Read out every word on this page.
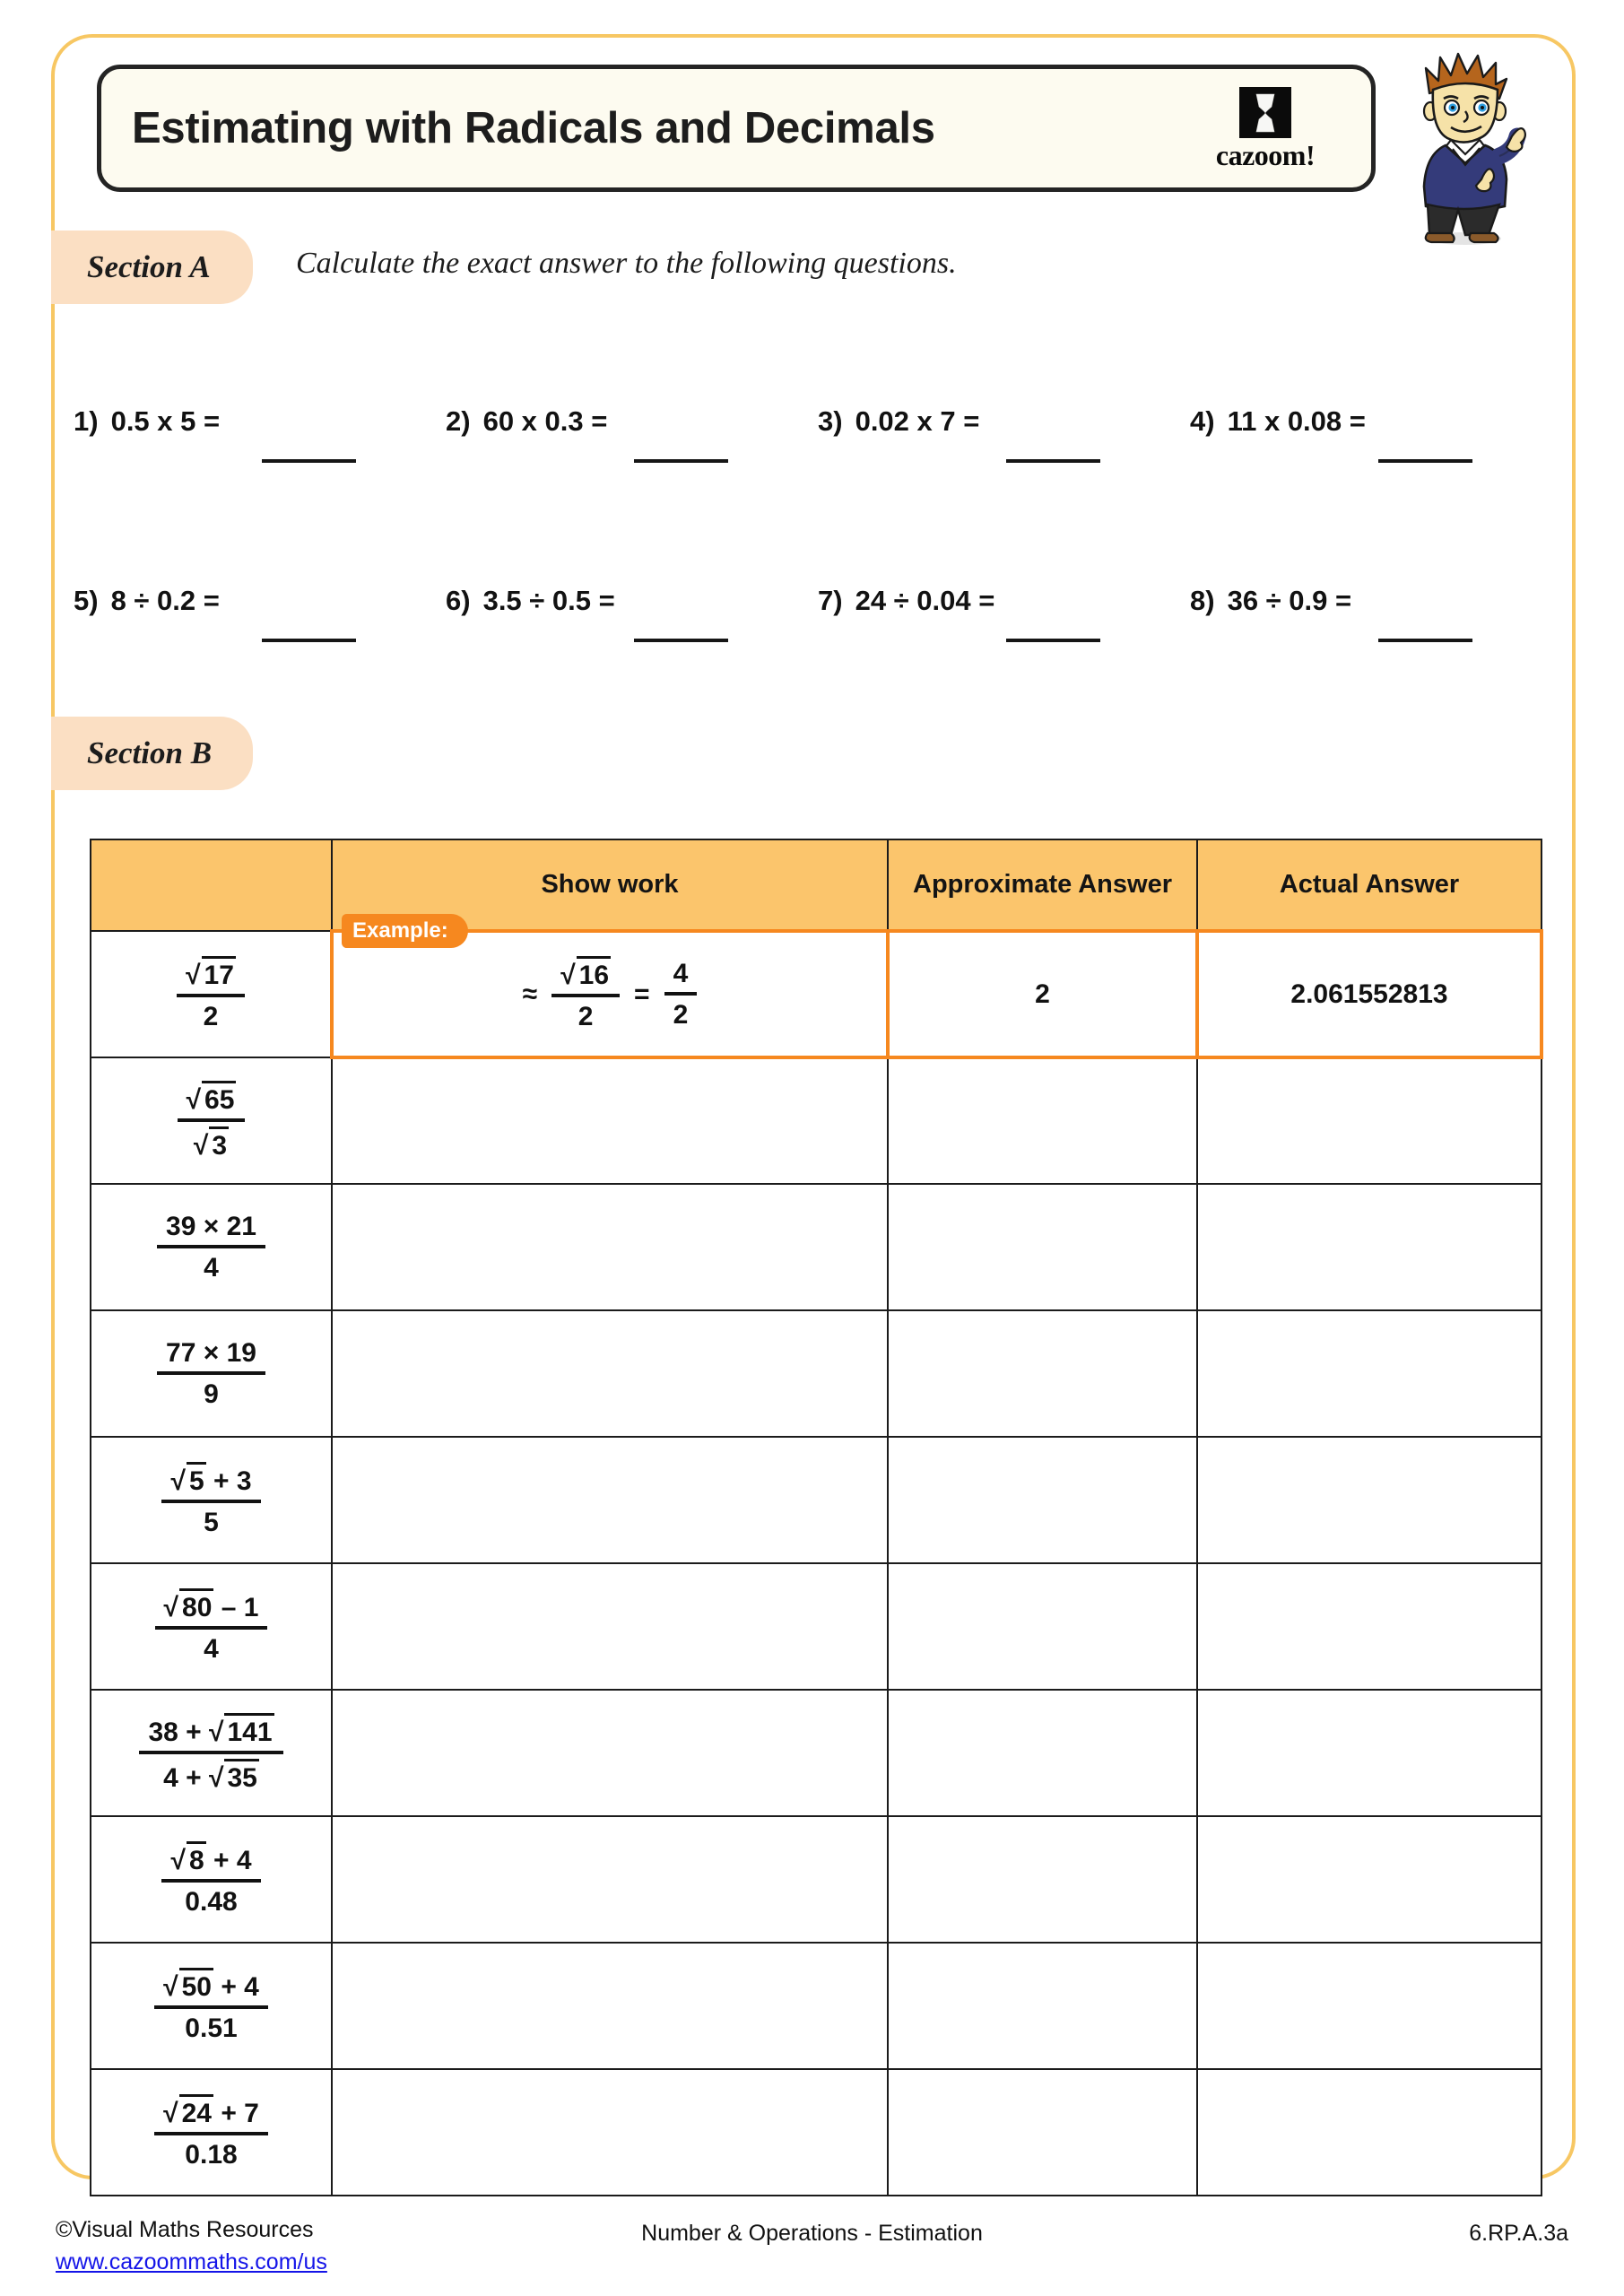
Estimating with Radicals and Decimals
cazoom!
Section A	Calculate the exact answer to the following questions.
1) 0.5 x 5 =	2) 60 x 0.3 =	3) 0.02 x 7 =	4) 11 x 0.08 =
5) 8 ÷ 0.2 =	6) 3.5 ÷ 0.5 =	7) 24 ÷ 0.04 =	8) 36 ÷ 0.9 =
Section B
Example:
	Show work	Approximate Answer	Actual Answer

$\frac{√ 17}{2}$	≈ $\frac{√ 16}{2} = \frac{4}{2}$	2	2.061552813

$\frac{√ 65}{√ 3}$

$\frac{39 \times 21}{4}$

$\frac{77 \times 19}{9}$

$\frac{√ 5 + 3}{5}$

$\frac{√ 80 - 1}{4}$

$\frac{38 + √ 141}{4 + √ 35}$

$\frac{√ 8 + 4}{0.48}$

$\frac{√ 50 + 4}{0.51}$

$\frac{√ 24 + 7}{0.18}$

©Visual Maths Resources
www.cazoommaths.com/us
Number & Operations - Estimation	6.RP.A.3a
